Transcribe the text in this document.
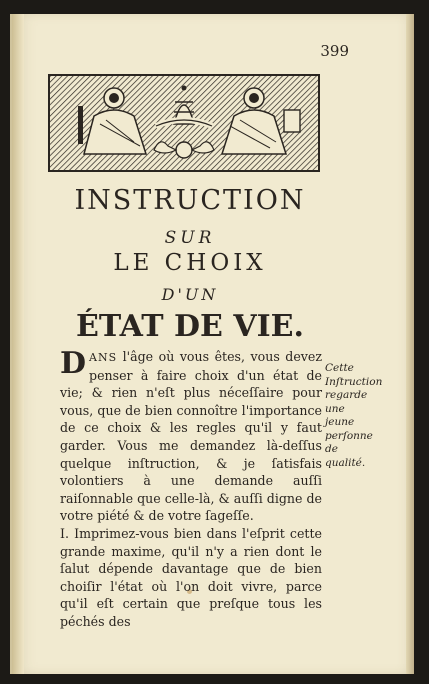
399
INSTRUCTION
SUR
LE CHOIX
D'UN
ÉTAT DE VIE.

DANS l'âge où vous êtes, vous devez penser à faire choix d'un état de vie; & rien n'eſt plus néceſſaire pour vous, que de bien connoître l'importance de ce choix & les regles qu'il y faut garder. Vous me demandez là-deſſus quelque inſtruction, & je ſatisfais volontiers à une demande auſſi raiſonnable que celle-là, & auſſi digne de votre piété & de votre ſageſſe.

I. Imprimez-vous bien dans l'eſprit cette grande maxime, qu'il n'y a rien dont le ſalut dépende davantage que de bien choiſir l'état où l'on doit vivre, parce qu'il eſt certain que preſque tous les péchés des

Cette Inſtruction regarde une jeune perſonne de qualité.
